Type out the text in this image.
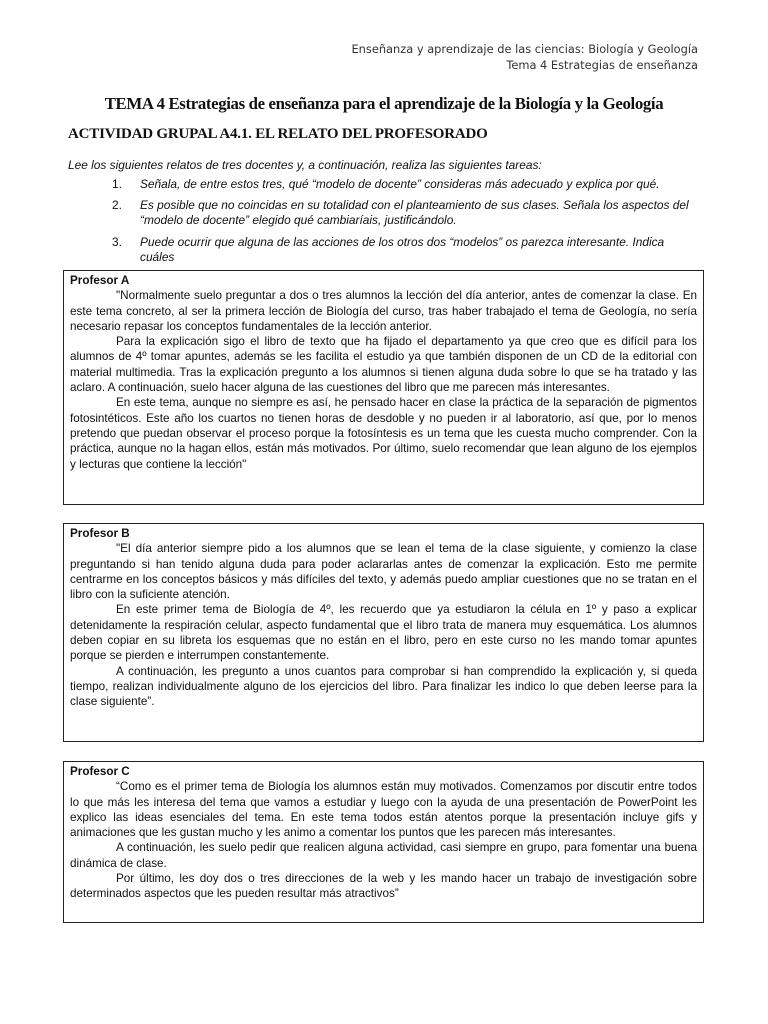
Enseñanza y aprendizaje de las ciencias: Biología y Geología
Tema 4 Estrategias de enseñanza
TEMA 4 Estrategias de enseñanza para el aprendizaje de la Biología y la Geología
ACTIVIDAD GRUPAL A4.1. EL RELATO DEL PROFESORADO
Lee los siguientes relatos de tres docentes y, a continuación, realiza las siguientes tareas:
1.	Señala, de entre estos tres, qué “modelo de docente” consideras más adecuado y explica por qué.
2.	Es posible que no coincidas en su totalidad con el planteamiento de sus clases. Señala los aspectos del “modelo de docente” elegido qué cambiaríais, justificándolo.
3.	Puede ocurrir que alguna de las acciones de los otros dos “modelos” os parezca interesante. Indica cuáles
Profesor A

"Normalmente suelo preguntar a dos o tres alumnos la lección del día anterior, antes de comenzar la clase. En este tema concreto, al ser la primera lección de Biología del curso, tras haber trabajado el tema de Geología, no sería necesario repasar los conceptos fundamentales de la lección anterior.

Para la explicación sigo el libro de texto que ha fijado el departamento ya que creo que es difícil para los alumnos de 4º tomar apuntes, además se les facilita el estudio ya que también disponen de un CD de la editorial con material multimedia. Tras la explicación pregunto a los alumnos si tienen alguna duda sobre lo que se ha tratado y las aclaro. A continuación, suelo hacer alguna de las cuestiones del libro que me parecen más interesantes.

En este tema, aunque no siempre es así, he pensado hacer en clase la práctica de la separación de pigmentos fotosintéticos. Este año los cuartos no tienen horas de desdoble y no pueden ir al laboratorio, así que, por lo menos pretendo que puedan observar el proceso porque la fotosíntesis es un tema que les cuesta mucho comprender. Con la práctica, aunque no la hagan ellos, están más motivados. Por último, suelo recomendar que lean alguno de los ejemplos y lecturas que contiene la lección"

Profesor B

"El día anterior siempre pido a los alumnos que se lean el tema de la clase siguiente, y comienzo la clase preguntando si han tenido alguna duda para poder aclararlas antes de comenzar la explicación. Esto me permite centrarme en los conceptos básicos y más difíciles del texto, y además puedo ampliar cuestiones que no se tratan en el libro con la suficiente atención.

En este primer tema de Biología de 4º, les recuerdo que ya estudiaron la célula en 1º y paso a explicar detenidamente la respiración celular, aspecto fundamental que el libro trata de manera muy esquemática. Los alumnos deben copiar en su libreta los esquemas que no están en el libro, pero en este curso no les mando tomar apuntes porque se pierden e interrumpen constantemente.

A continuación, les pregunto a unos cuantos para comprobar si han comprendido la explicación y, si queda tiempo, realizan individualmente alguno de los ejercicios del libro. Para finalizar les indico lo que deben leerse para la clase siguiente”.

Profesor C

“Como es el primer tema de Biología los alumnos están muy motivados. Comenzamos por discutir entre todos lo que más les interesa del tema que vamos a estudiar y luego con la ayuda de una presentación de PowerPoint les explico las ideas esenciales del tema. En este tema todos están atentos porque la presentación incluye gifs y animaciones que les gustan mucho y les animo a comentar los puntos que les parecen más interesantes.

A continuación, les suelo pedir que realicen alguna actividad, casi siempre en grupo, para fomentar una buena dinámica de clase.

Por último, les doy dos o tres direcciones de la web y les mando hacer un trabajo de investigación sobre determinados aspectos que les pueden resultar más atractivos”
